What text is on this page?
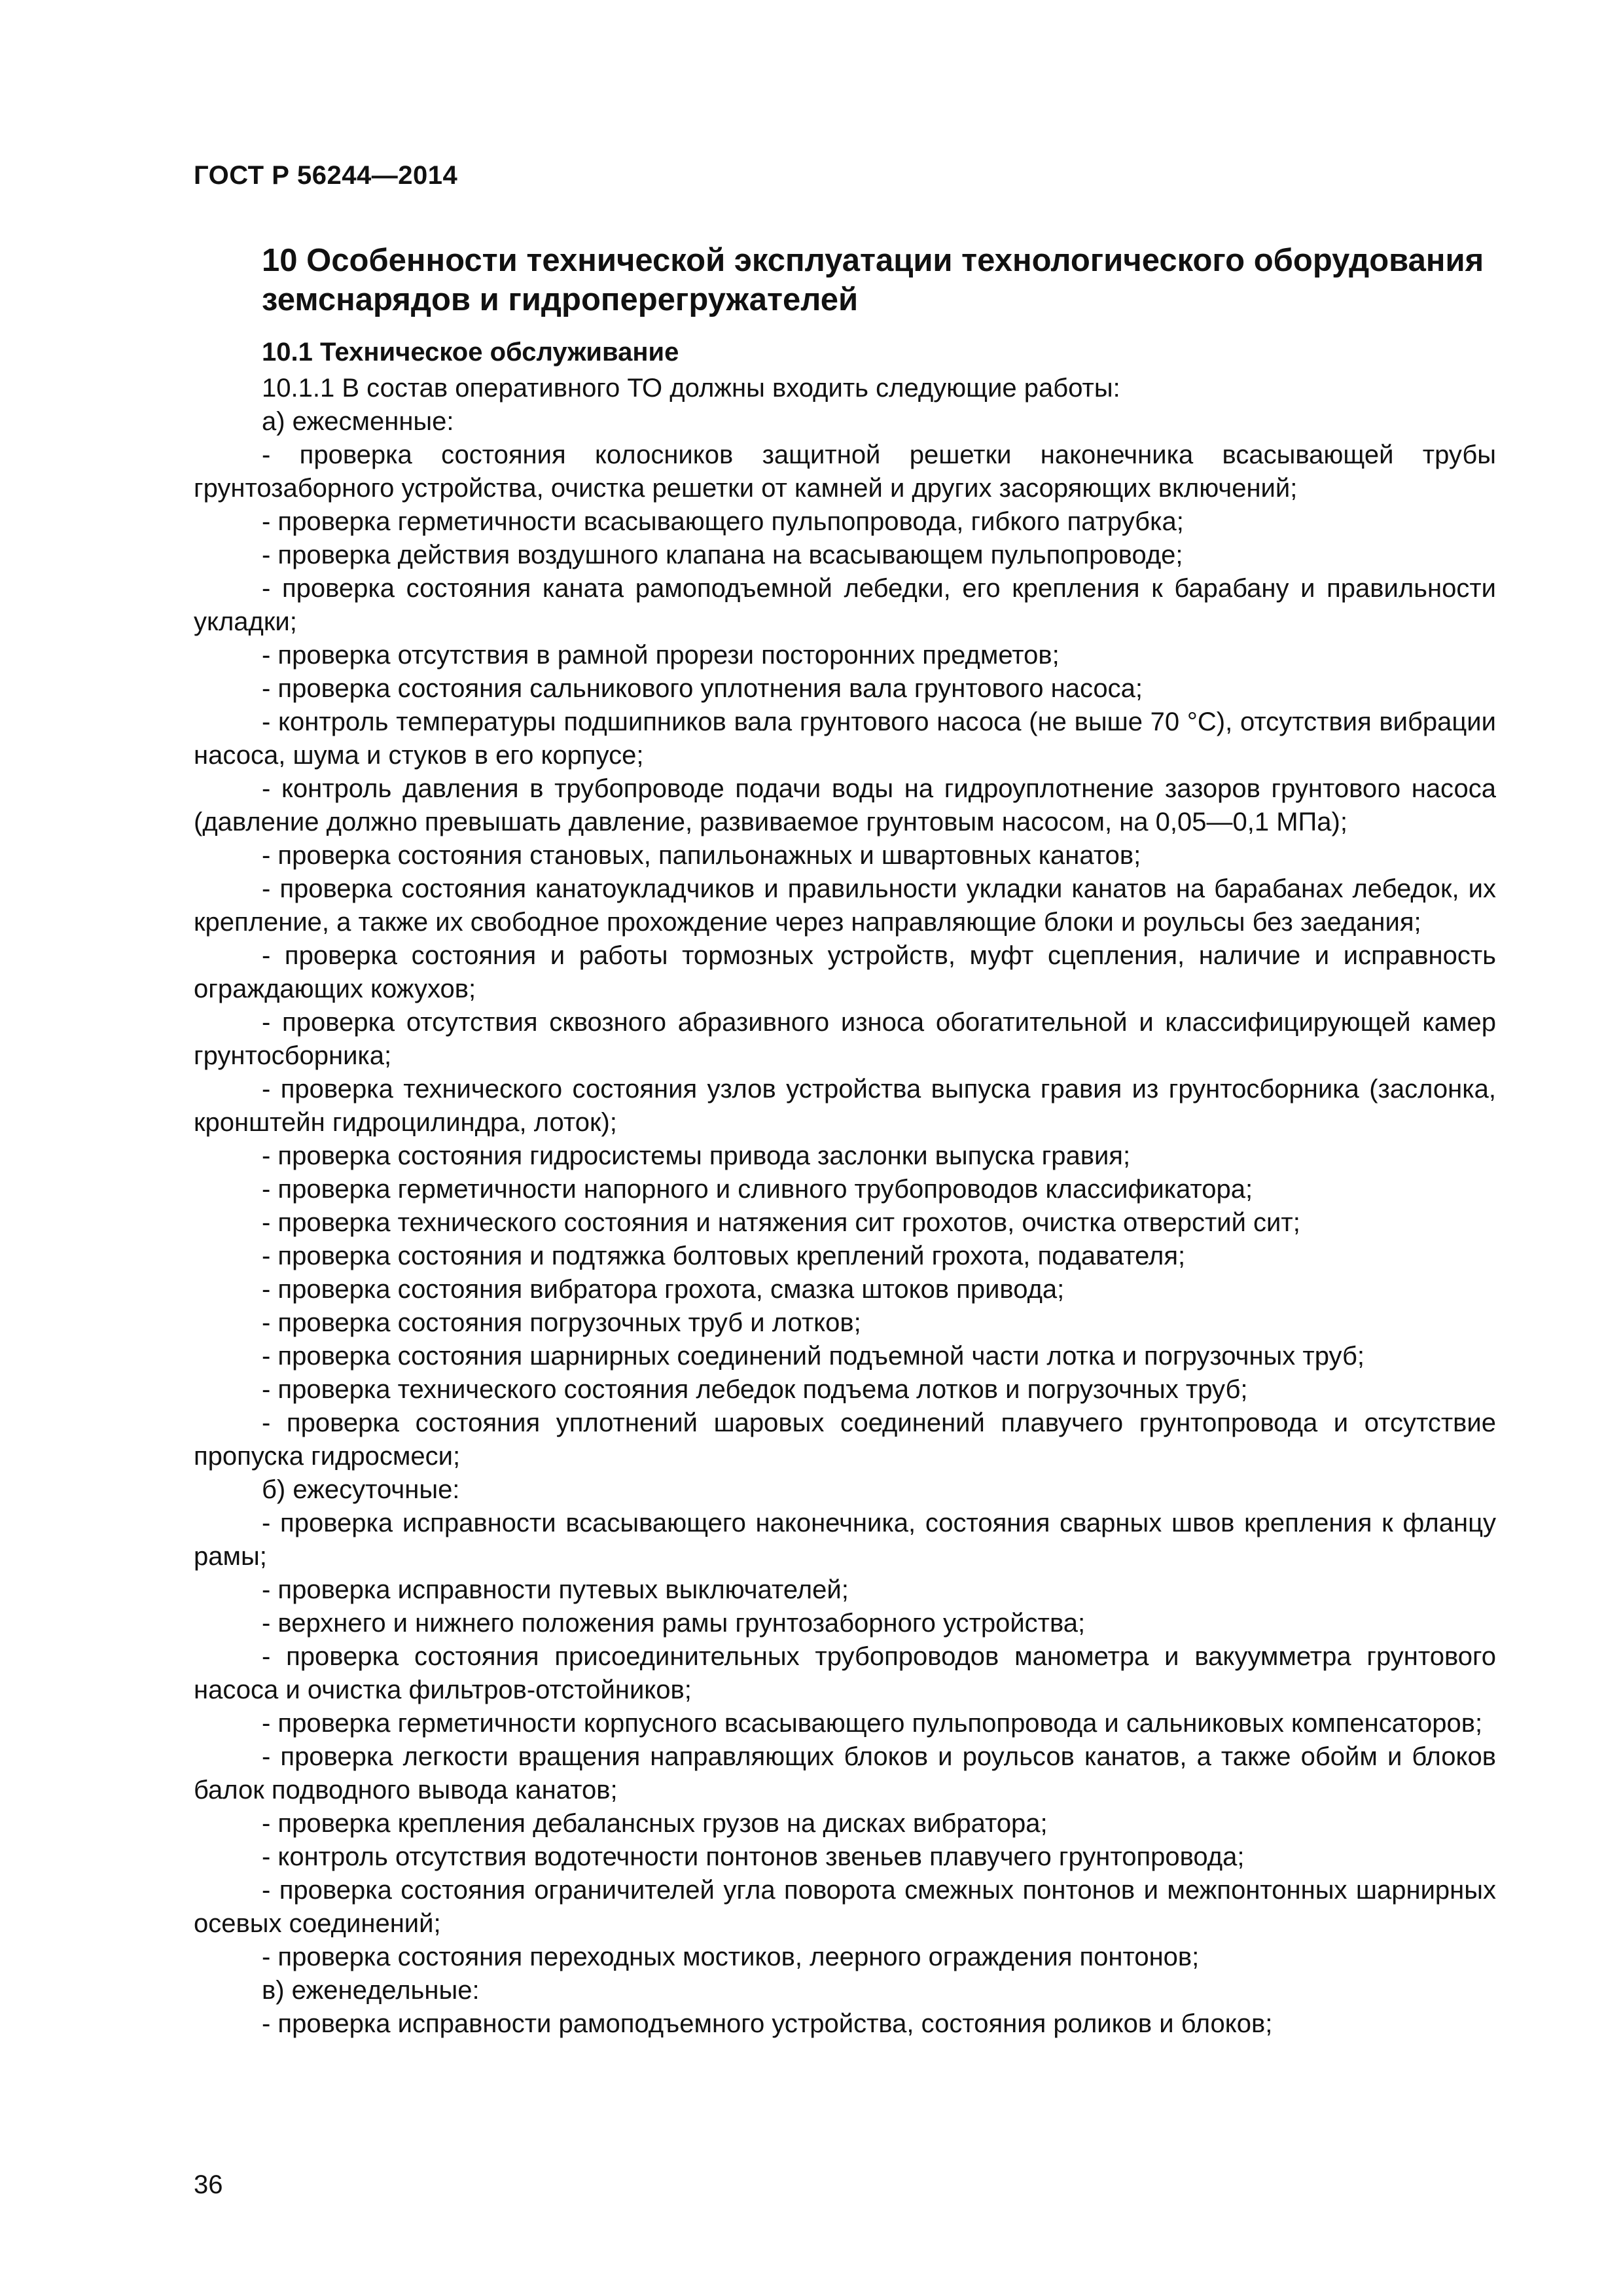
ГОСТ Р 56244—2014
10 Особенности технической эксплуатации технологического оборудования земснарядов и гидроперегружателей
10.1 Техническое обслуживание

10.1.1 В состав оперативного ТО должны входить следующие работы:

а) ежесменные:

- проверка состояния колосников защитной решетки наконечника всасывающей трубы грунтозаборного устройства, очистка решетки от камней и других засоряющих включений;

- проверка герметичности всасывающего пульпопровода, гибкого патрубка;

- проверка действия воздушного клапана на всасывающем пульпопроводе;

- проверка состояния каната рамоподъемной лебедки, его крепления к барабану и правильности укладки;

- проверка отсутствия в рамной прорези посторонних предметов;

- проверка состояния сальникового уплотнения вала грунтового насоса;

- контроль температуры подшипников вала грунтового насоса (не выше 70 °С), отсутствия вибрации насоса, шума и стуков в его корпусе;

- контроль давления в трубопроводе подачи воды на гидроуплотнение зазоров грунтового насоса (давление должно превышать давление, развиваемое грунтовым насосом, на 0,05—0,1 МПа);

- проверка состояния становых, папильонажных и швартовных канатов;

- проверка состояния канатоукладчиков и правильности укладки канатов на барабанах лебедок, их крепление, а также их свободное прохождение через направляющие блоки и роульсы без заедания;

- проверка состояния и работы тормозных устройств, муфт сцепления, наличие и исправность ограждающих кожухов;

- проверка отсутствия сквозного абразивного износа обогатительной и классифицирующей камер грунтосборника;

- проверка технического состояния узлов устройства выпуска гравия из грунтосборника (заслонка, кронштейн гидроцилиндра, лоток);

- проверка состояния гидросистемы привода заслонки выпуска гравия;

- проверка герметичности напорного и сливного трубопроводов классификатора;

- проверка технического состояния и натяжения сит грохотов, очистка отверстий сит;

- проверка состояния и подтяжка болтовых креплений грохота, подавателя;

- проверка состояния вибратора грохота, смазка штоков привода;

- проверка состояния погрузочных труб и лотков;

- проверка состояния шарнирных соединений подъемной части лотка и погрузочных труб;

- проверка технического состояния лебедок подъема лотков и погрузочных труб;

- проверка состояния уплотнений шаровых соединений плавучего грунтопровода и отсутствие пропуска гидросмеси;

б) ежесуточные:

- проверка исправности всасывающего наконечника, состояния сварных швов крепления к фланцу рамы;

- проверка исправности путевых выключателей;

- верхнего и нижнего положения рамы грунтозаборного устройства;

- проверка состояния присоединительных трубопроводов манометра и вакуумметра грунтового насоса и очистка фильтров-отстойников;

- проверка герметичности корпусного всасывающего пульпопровода и сальниковых компенсаторов;

- проверка легкости вращения направляющих блоков и роульсов канатов, а также обойм и блоков балок подводного вывода канатов;

- проверка крепления дебалансных грузов на дисках вибратора;

- контроль отсутствия водотечности понтонов звеньев плавучего грунтопровода;

- проверка состояния ограничителей угла поворота смежных понтонов и межпонтонных шарнирных осевых соединений;

- проверка состояния переходных мостиков, леерного ограждения понтонов;

в) еженедельные:

- проверка исправности рамоподъемного устройства, состояния роликов и блоков;

36
